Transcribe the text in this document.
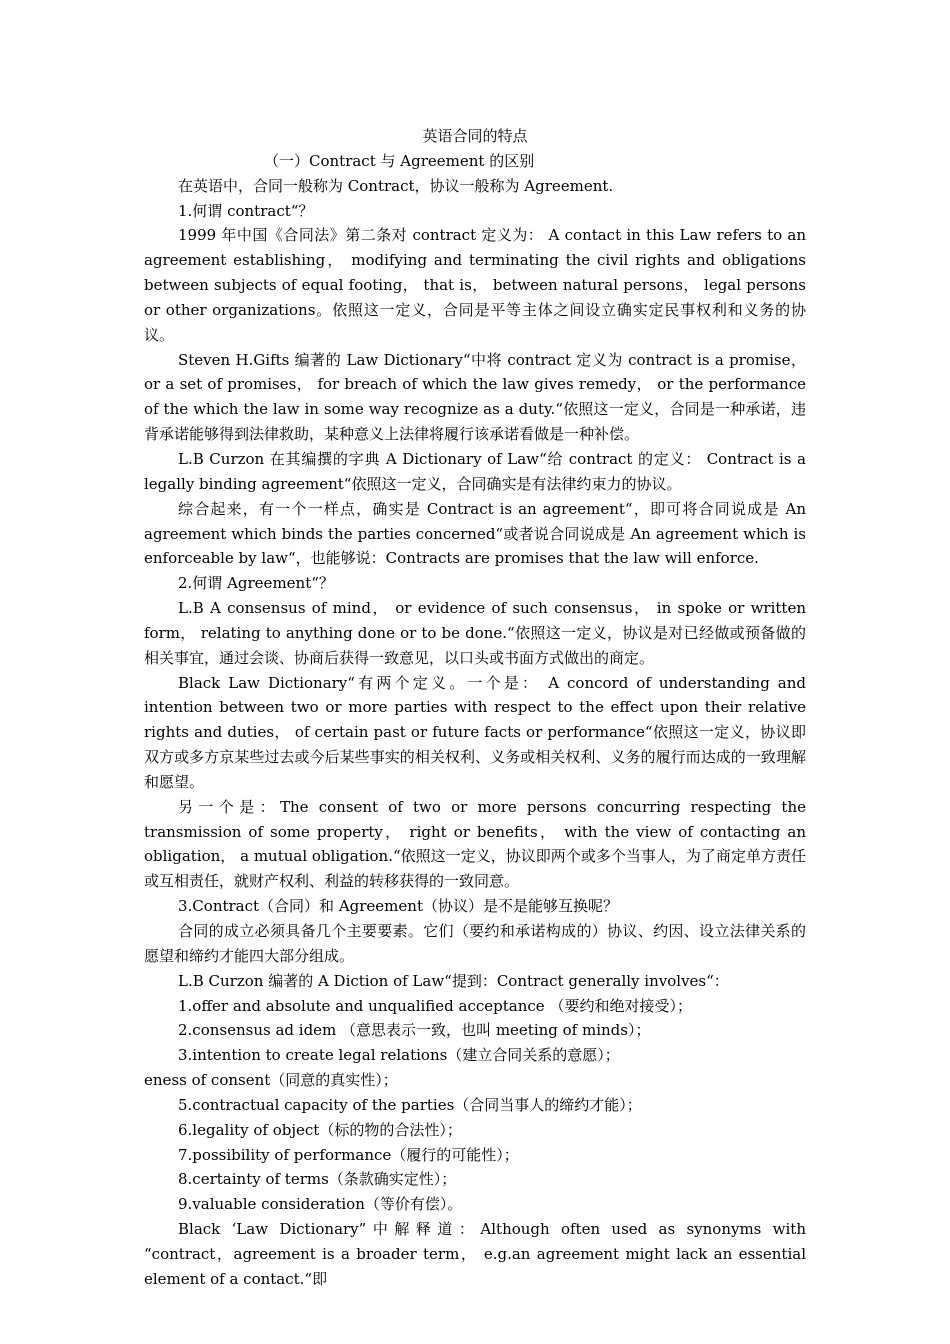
英语合同的特点

（一）Contract 与 Agreement 的区别

在英语中，合同一般称为 Contract，协议一般称为 Agreement.

1.何谓 contract“？

1999 年中国《合同法》第二条对 contract 定义为： A contact in this Law refers to an agreement establishing， modifying and terminating the civil rights and obligations between subjects of equal footing， that is， between natural persons， legal persons or other organizations。依照这一定义，合同是平等主体之间设立确实定民事权利和义务的协议。

Steven H.Gifts 编著的 Law Dictionary“中将 contract 定义为 contract is a promise， or a set of promises， for breach of which the law gives remedy， or the performance of the which the law in some way recognize as a duty.“依照这一定义，合同是一种承诺，违背承诺能够得到法律救助，某种意义上法律将履行该承诺看做是一种补偿。

L.B Curzon 在其编撰的字典 A Dictionary of Law“给 contract 的定义： Contract is a legally binding agreement“依照这一定义，合同确实是有法律约束力的协议。

综合起来，有一个一样点，确实是 Contract is an agreement“，即可将合同说成是 An agreement which binds the parties concerned“或者说合同说成是 An agreement which is enforceable by law“，也能够说：Contracts are promises that the law will enforce.

2.何谓 Agreement“？

L.B A consensus of mind， or evidence of such consensus， in spoke or written form， relating to anything done or to be done.“依照这一定义，协议是对已经做或预备做的相关事宜，通过会谈、协商后获得一致意见，以口头或书面方式做出的商定。

Black Law Dictionary“有两个定义。一个是： A concord of understanding and intention between two or more parties with respect to the effect upon their relative rights and duties， of certain past or future facts or performance“依照这一定义，协议即双方或多方京某些过去或今后某些事实的相关权利、义务或相关权利、义务的履行而达成的一致理解和愿望。

另一个是：The consent of two or more persons concurring respecting the transmission of some property， right or benefits， with the view of contacting an obligation， a mutual obligation.“依照这一定义，协议即两个或多个当事人，为了商定单方责任或互相责任，就财产权利、利益的转移获得的一致同意。

3.Contract（合同）和 Agreement（协议）是不是能够互换呢？

合同的成立必须具备几个主要要素。它们（要约和承诺构成的）协议、约因、设立法律关系的愿望和缔约才能四大部分组成。

L.B Curzon 编著的 A Diction of Law“提到：Contract generally involves“：

1.offer and absolute and unqualified acceptance （要约和绝对接受）；

2.consensus ad idem （意思表示一致，也叫 meeting of minds）；

3.intention to create legal relations（建立合同关系的意愿）；

eness of consent（同意的真实性）；

5.contractual capacity of the parties（合同当事人的缔约才能）；

6.legality of object（标的物的合法性）；

7.possibility of performance（履行的可能性）；

8.certainty of terms（条款确实定性）；

9.valuable consideration（等价有偿）。

Black ‘Law Dictionary”中解释道：Although often used as synonyms with “contract，agreement is a broader term， e.g.an agreement might lack an essential element of a contact.“即
